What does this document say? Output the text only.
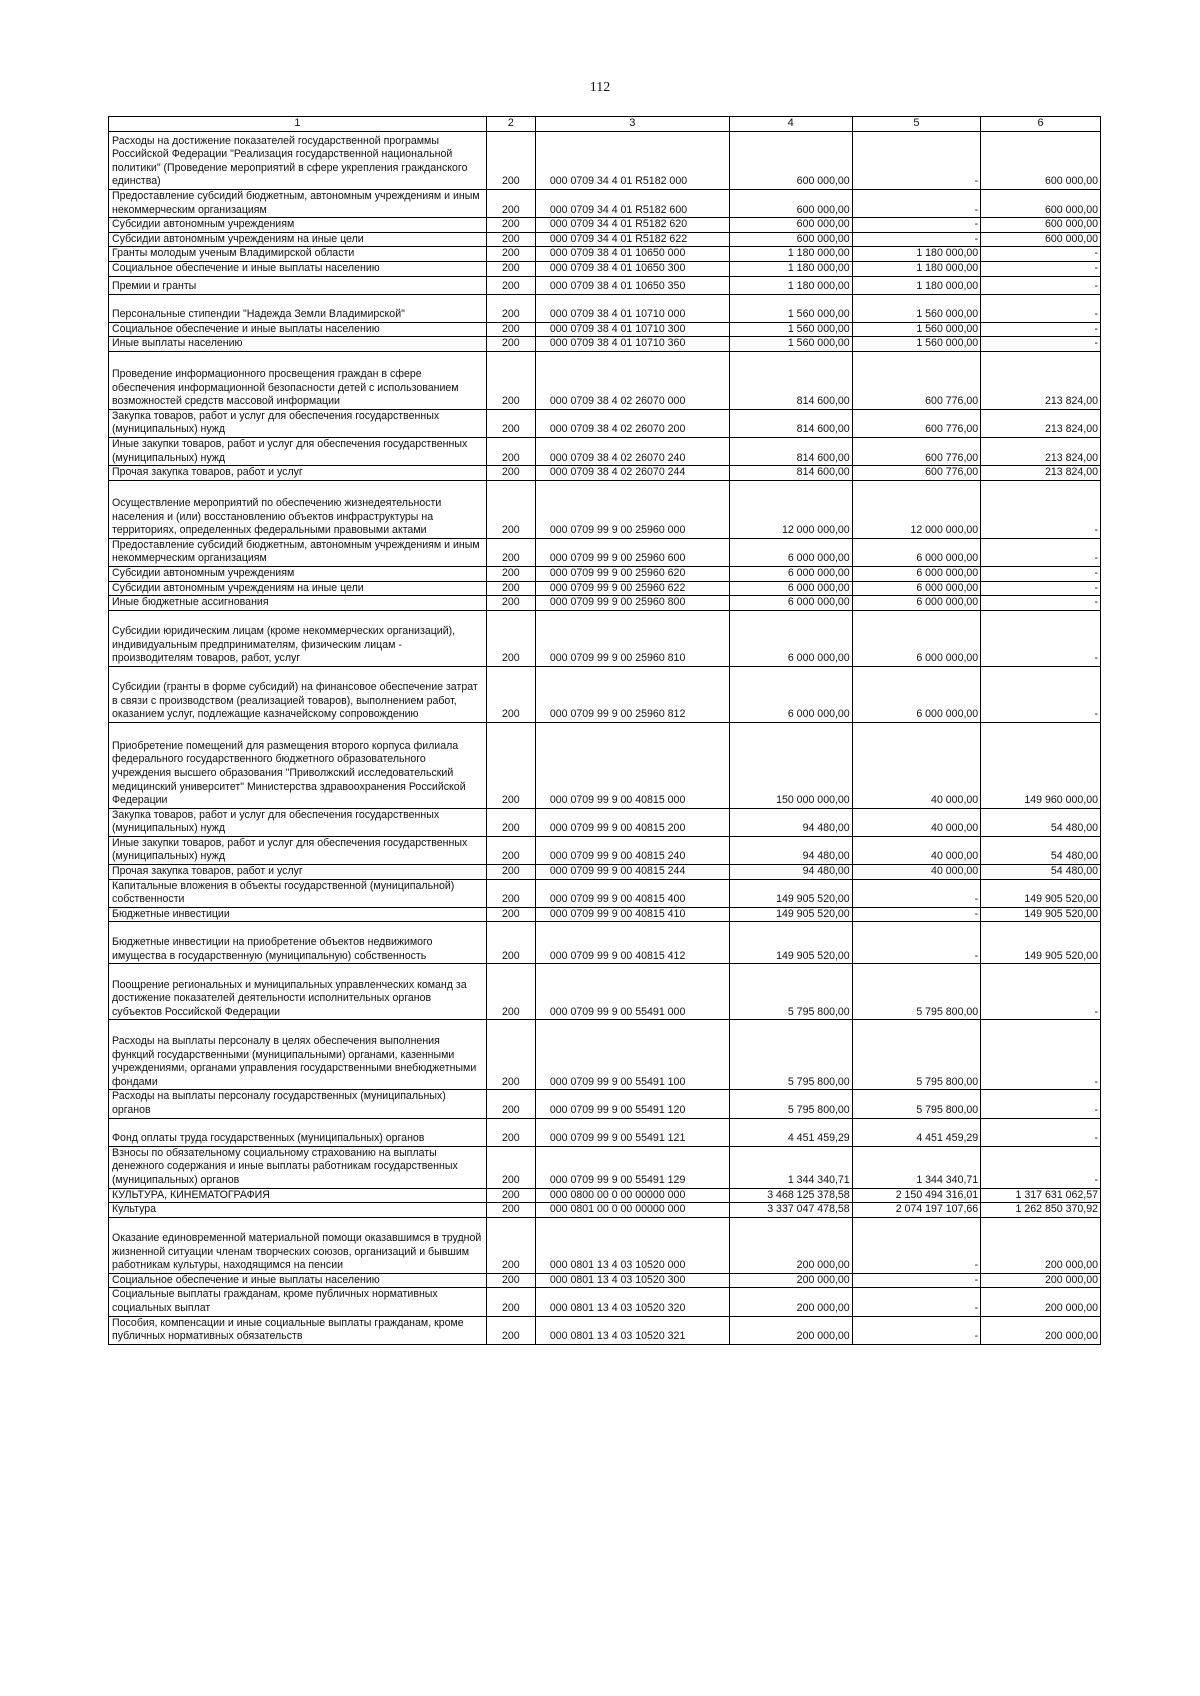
112
1	2	3	4	5	6
Расходы на достижение показателей государственной программы Российской Федерации "Реализация государственной национальной политики" (Проведение мероприятий в сфере укрепления гражданского единства)	200	000 0709 34 4 01 R5182 000	600 000,00	-	600 000,00
Предоставление субсидий бюджетным, автономным учреждениям и иным некоммерческим организациям	200	000 0709 34 4 01 R5182 600	600 000,00	-	600 000,00
Субсидии автономным учреждениям	200	000 0709 34 4 01 R5182 620	600 000,00	-	600 000,00
Субсидии автономным учреждениям на иные цели	200	000 0709 34 4 01 R5182 622	600 000,00	-	600 000,00
Гранты молодым ученым Владимирской области	200	000 0709 38 4 01 10650 000	1 180 000,00	1 180 000,00	-
Социальное обеспечение и иные выплаты населению	200	000 0709 38 4 01 10650 300	1 180 000,00	1 180 000,00	-
Премии и гранты	200	000 0709 38 4 01 10650 350	1 180 000,00	1 180 000,00	-
Персональные стипендии "Надежда Земли Владимирской"	200	000 0709 38 4 01 10710 000	1 560 000,00	1 560 000,00	-
Социальное обеспечение и иные выплаты населению	200	000 0709 38 4 01 10710 300	1 560 000,00	1 560 000,00	-
Иные выплаты населению	200	000 0709 38 4 01 10710 360	1 560 000,00	1 560 000,00	-
Проведение информационного просвещения граждан в сфере обеспечения информационной безопасности детей с использованием возможностей средств массовой информации	200	000 0709 38 4 02 26070 000	814 600,00	600 776,00	213 824,00
Закупка товаров, работ и услуг для обеспечения государственных (муниципальных) нужд	200	000 0709 38 4 02 26070 200	814 600,00	600 776,00	213 824,00
Иные закупки товаров, работ и услуг для обеспечения государственных (муниципальных) нужд	200	000 0709 38 4 02 26070 240	814 600,00	600 776,00	213 824,00
Прочая закупка товаров, работ и услуг	200	000 0709 38 4 02 26070 244	814 600,00	600 776,00	213 824,00
Осуществление мероприятий по обеспечению жизнедеятельности населения и (или) восстановлению объектов инфраструктуры на территориях, определенных федеральными правовыми актами	200	000 0709 99 9 00 25960 000	12 000 000,00	12 000 000,00	-
Предоставление субсидий бюджетным, автономным учреждениям и иным некоммерческим организациям	200	000 0709 99 9 00 25960 600	6 000 000,00	6 000 000,00	-
Субсидии автономным учреждениям	200	000 0709 99 9 00 25960 620	6 000 000,00	6 000 000,00	-
Субсидии автономным учреждениям на иные цели	200	000 0709 99 9 00 25960 622	6 000 000,00	6 000 000,00	-
Иные бюджетные ассигнования	200	000 0709 99 9 00 25960 800	6 000 000,00	6 000 000,00	-
Субсидии юридическим лицам (кроме некоммерческих организаций), индивидуальным предпринимателям, физическим лицам - производителям товаров, работ, услуг	200	000 0709 99 9 00 25960 810	6 000 000,00	6 000 000,00	-
Субсидии (гранты в форме субсидий) на финансовое обеспечение затрат в связи с производством (реализацией товаров), выполнением работ, оказанием услуг, подлежащие казначейскому сопровождению	200	000 0709 99 9 00 25960 812	6 000 000,00	6 000 000,00	-
Приобретение помещений для размещения второго корпуса филиала федерального государственного бюджетного образовательного учреждения высшего образования "Приволжский исследовательский медицинский университет" Министерства здравоохранения Российской Федерации	200	000 0709 99 9 00 40815 000	150 000 000,00	40 000,00	149 960 000,00
Закупка товаров, работ и услуг для обеспечения государственных (муниципальных) нужд	200	000 0709 99 9 00 40815 200	94 480,00	40 000,00	54 480,00
Иные закупки товаров, работ и услуг для обеспечения государственных (муниципальных) нужд	200	000 0709 99 9 00 40815 240	94 480,00	40 000,00	54 480,00
Прочая закупка товаров, работ и услуг	200	000 0709 99 9 00 40815 244	94 480,00	40 000,00	54 480,00
Капитальные вложения в объекты государственной (муниципальной) собственности	200	000 0709 99 9 00 40815 400	149 905 520,00	-	149 905 520,00
Бюджетные инвестиции	200	000 0709 99 9 00 40815 410	149 905 520,00	-	149 905 520,00
Бюджетные инвестиции на приобретение объектов недвижимого имущества в государственную (муниципальную) собственность	200	000 0709 99 9 00 40815 412	149 905 520,00	-	149 905 520,00
Поощрение региональных и муниципальных управленческих команд за достижение показателей деятельности исполнительных органов субъектов Российской Федерации	200	000 0709 99 9 00 55491 000	5 795 800,00	5 795 800,00	-
Расходы на выплаты персоналу в целях обеспечения выполнения функций государственными (муниципальными) органами, казенными учреждениями, органами управления государственными внебюджетными фондами	200	000 0709 99 9 00 55491 100	5 795 800,00	5 795 800,00	-
Расходы на выплаты персоналу государственных (муниципальных) органов	200	000 0709 99 9 00 55491 120	5 795 800,00	5 795 800,00	-
Фонд оплаты труда государственных (муниципальных) органов	200	000 0709 99 9 00 55491 121	4 451 459,29	4 451 459,29	-
Взносы по обязательному социальному страхованию на выплаты денежного содержания и иные выплаты работникам государственных (муниципальных) органов	200	000 0709 99 9 00 55491 129	1 344 340,71	1 344 340,71	-
КУЛЬТУРА, КИНЕМАТОГРАФИЯ	200	000 0800 00 0 00 00000 000	3 468 125 378,58	2 150 494 316,01	1 317 631 062,57
Культура	200	000 0801 00 0 00 00000 000	3 337 047 478,58	2 074 197 107,66	1 262 850 370,92
Оказание единовременной материальной помощи оказавшимся в трудной жизненной ситуации членам творческих союзов, организаций и бывшим работникам культуры, находящимся на пенсии	200	000 0801 13 4 03 10520 000	200 000,00	-	200 000,00
Социальное обеспечение и иные выплаты населению	200	000 0801 13 4 03 10520 300	200 000,00	-	200 000,00
Социальные выплаты гражданам, кроме публичных нормативных социальных выплат	200	000 0801 13 4 03 10520 320	200 000,00	-	200 000,00
Пособия, компенсации и иные социальные выплаты гражданам, кроме публичных нормативных обязательств	200	000 0801 13 4 03 10520 321	200 000,00	-	200 000,00
